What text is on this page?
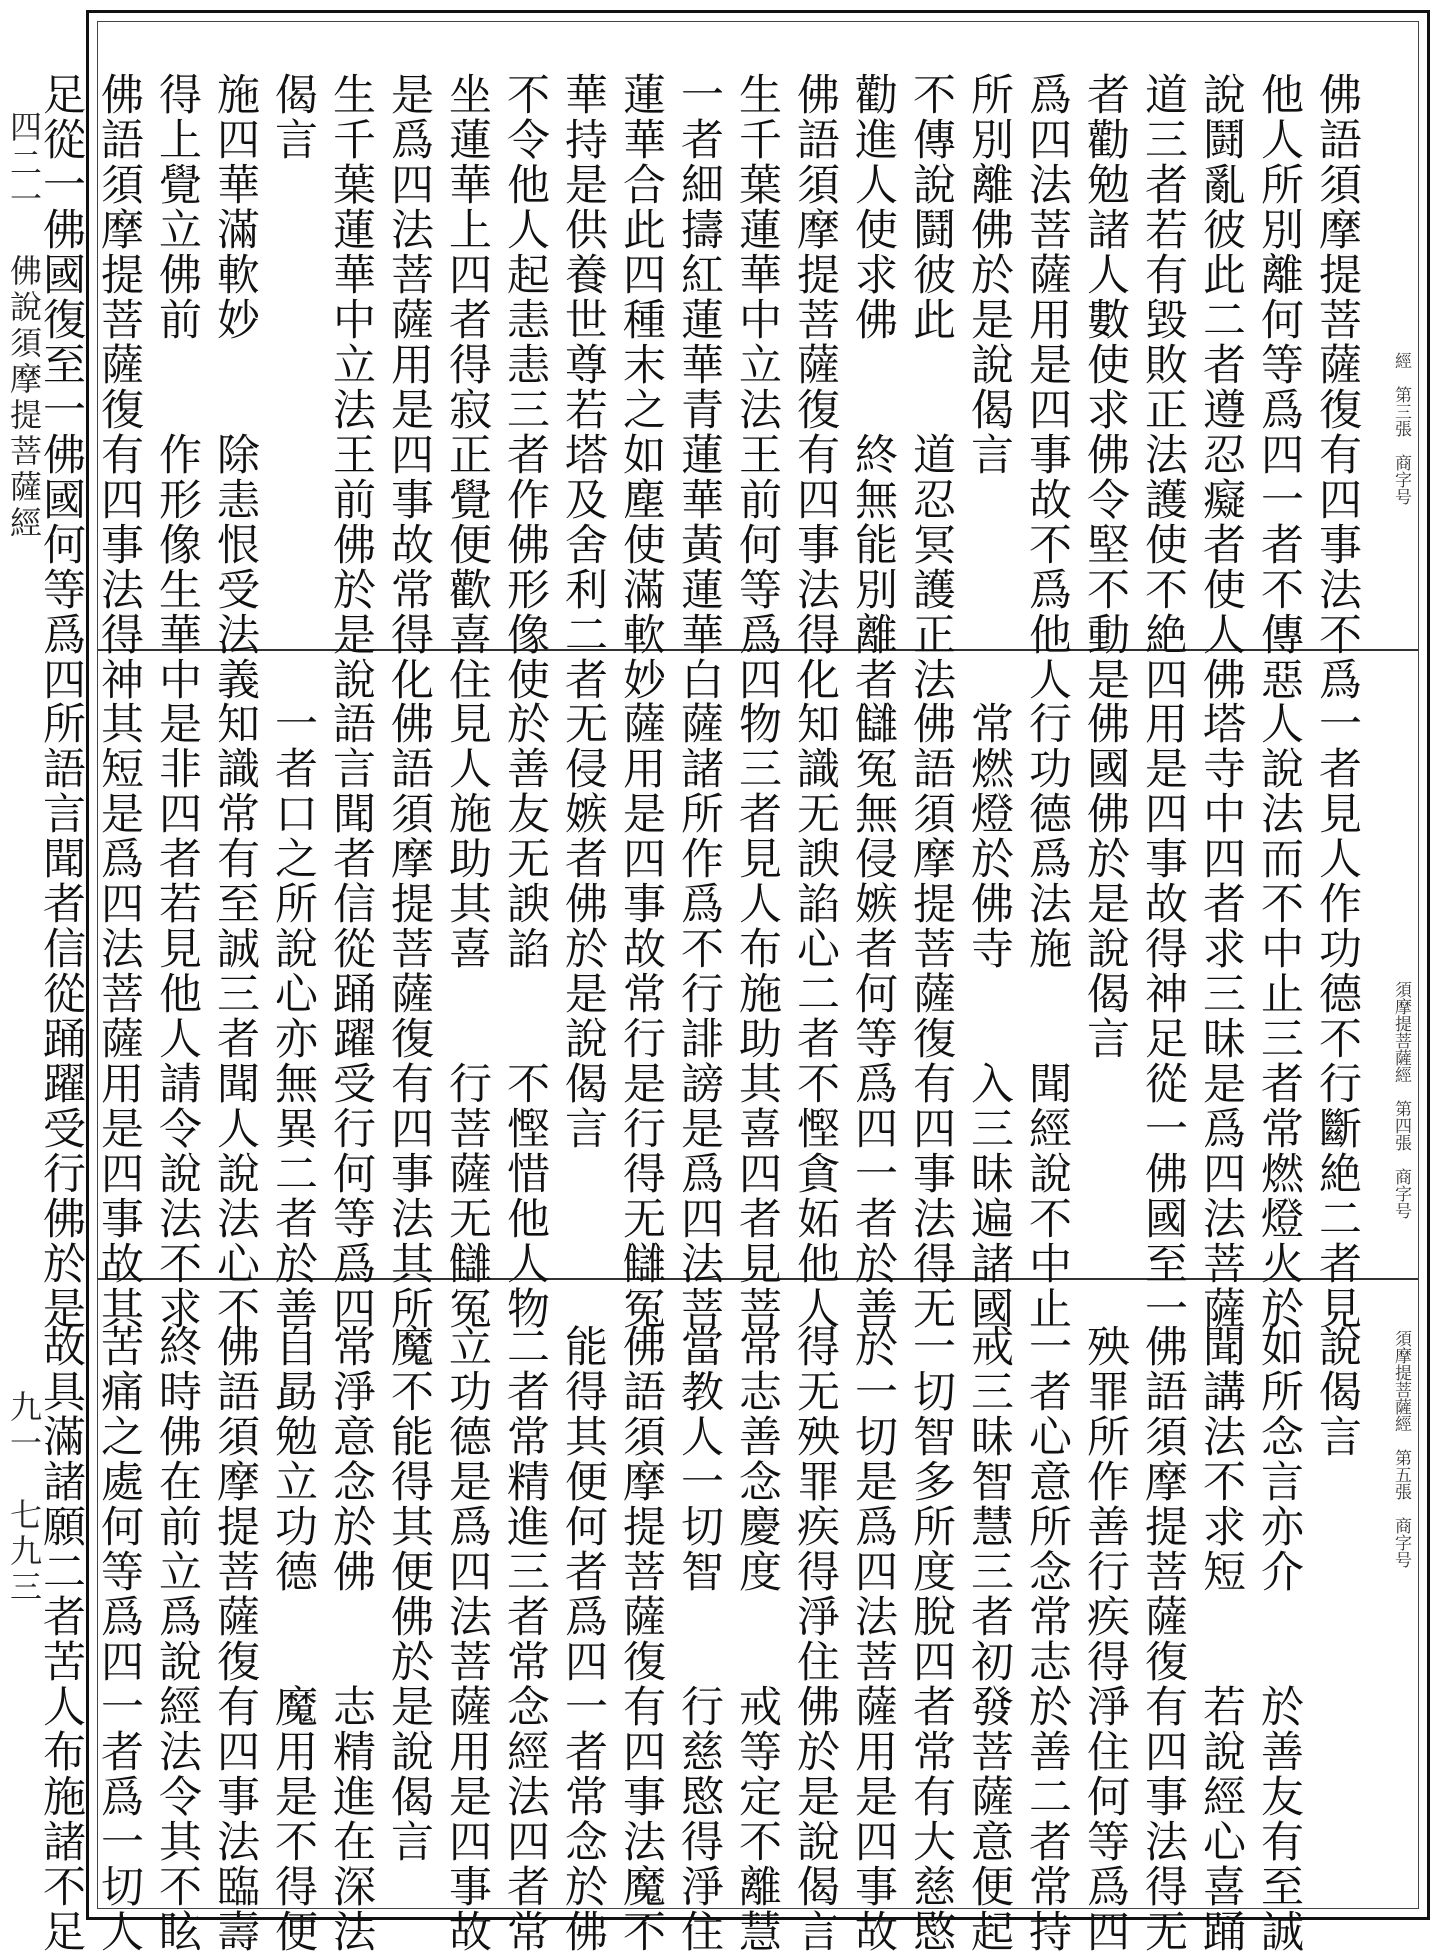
四二一　佛說須摩提菩薩經
九一　七九三
經　第三張　商字号
佛語須摩提菩薩復有四事法不爲
他人所別離何等爲四一者不傳惡
說鬪亂彼此二者遵忍癡者使人佛
道三者若有毀敗正法護使不絶四
者勸勉諸人數使求佛令堅不動是
爲四法菩薩用是四事故不爲他人
所別離佛於是說偈言
不傳說鬪彼此　　道忍冥護正法
勸進人使求佛　　終無能別離者
佛語須摩提菩薩復有四事法得化
生千葉蓮華中立法王前何等爲四
一者細擣紅蓮華青蓮華黃蓮華白
蓮華合此四種末之如塵使滿軟妙
華持是供養世尊若塔及舍利二者
不令他人起恚恚三者作佛形像使
坐蓮華上四者得寂正覺便歡喜住
是爲四法菩薩用是四事故常得化
生千葉蓮華中立法王前佛於是說
偈言
施四華滿軟妙　　除恚恨受法義
得上覺立佛前　　作形像生華中
佛語須摩提菩薩復有四事法得神
足從一佛國復至一佛國何等爲四
須摩提菩薩經　第四張　商字号
一者見人作功德不行斷絶二者見
人說法而不中止三者常燃燈火於
塔寺中四者求三昧是爲四法菩薩
用是四事故得神足從一佛國至一
佛國佛於是說偈言
行功德爲法施　　聞經說不中止
常燃燈於佛寺　　入三昧遍諸國
佛語須摩提菩薩復有四事法得无
讎冤無侵嫉者何等爲四一者於善
知識无諛諂心二者不慳貪妬他人
物三者見人布施助其喜四者見菩
薩諸所作爲不行誹謗是爲四法菩
薩用是四事故常行是行得无讎冤
无侵嫉者佛於是說偈言
於善友无諛諂　　不慳惜他人物
見人施助其喜　　行菩薩无讎冤
佛語須摩提菩薩復有四事法其所
語言聞者信從踊躍受行何等爲四
一者口之所說心亦無異二者於善
知識常有至誠三者聞人說法心不
是非四者若見他人請令說法不求
其短是爲四法菩薩用是四事故其
所語言聞者信從踊躍受行佛於是
須摩提菩薩經　第五張　商字号
說偈言
如所念言亦介　　於善友有至誠
聞講法不求短　　若說經心喜踊
佛語須摩提菩薩復有四事法得无
殃罪所作善行疾得淨住何等爲四
一者心意所念常志於善二者常持
戒三昧智慧三者初發菩薩意便起
一切智多所度脫四者常有大慈愍
於一切是爲四法菩薩用是四事故
得无殃罪疾得淨住佛於是說偈言
常志善念慶度　　戒等定不離慧
當教人一切智　　行慈愍得淨住
佛語須摩提菩薩復有四事法魔不
能得其便何者爲四一者常念於佛
二者常精進三者常念經法四者常
立功德是爲四法菩薩用是四事故
魔不能得其便佛於是說偈言
常淨意念於佛　　志精進在深法
自勗勉立功德　　魔用是不得便
佛語須摩提菩薩復有四事法臨壽
終時佛在前立爲說經法令其不眩
苦痛之處何等爲四一者爲一切人
故具滿諸願二者苦人布施諸不足
